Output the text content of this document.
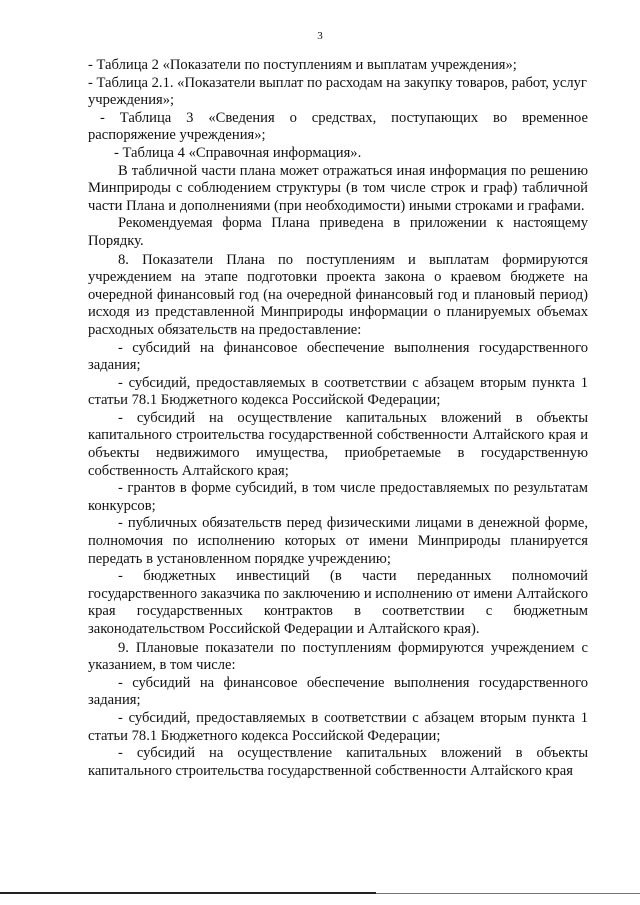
3

- Таблица 2 «Показатели по поступлениям и выплатам учреждения»;

- Таблица 2.1. «Показатели выплат по расходам на закупку товаров, работ, услуг учреждения»;

- Таблица 3 «Сведения о средствах, поступающих во временное распоряжение учреждения»;

- Таблица 4 «Справочная информация».

В табличной части плана может отражаться иная информация по решению Минприроды с соблюдением структуры (в том числе строк и граф) табличной части Плана и дополнениями (при необходимости) иными строками и графами.

Рекомендуемая форма Плана приведена в приложении к настоящему Порядку.

8. Показатели Плана по поступлениям и выплатам формируются учреждением на этапе подготовки проекта закона о краевом бюджете на очередной финансовый год (на очередной финансовый год и плановый период) исходя из представленной Минприроды информации о планируемых объемах расходных обязательств на предоставление:

- субсидий на финансовое обеспечение выполнения государственного задания;

- субсидий, предоставляемых в соответствии с абзацем вторым пункта 1 статьи 78.1 Бюджетного кодекса Российской Федерации;

- субсидий на осуществление капитальных вложений в объекты капитального строительства государственной собственности Алтайского края и объекты недвижимого имущества, приобретаемые в государственную собственность Алтайского края;

- грантов в форме субсидий, в том числе предоставляемых по результатам конкурсов;

- публичных обязательств перед физическими лицами в денежной форме, полномочия по исполнению которых от имени Минприроды планируется передать в установленном порядке учреждению;

- бюджетных инвестиций (в части переданных полномочий государственного заказчика по заключению и исполнению от имени Алтайского края государственных контрактов в соответствии с бюджетным законодательством Российской Федерации и Алтайского края).

9. Плановые показатели по поступлениям формируются учреждением с указанием, в том числе:

- субсидий на финансовое обеспечение выполнения государственного задания;

- субсидий, предоставляемых в соответствии с абзацем вторым пункта 1 статьи 78.1 Бюджетного кодекса Российской Федерации;

- субсидий на осуществление капитальных вложений в объекты капитального строительства государственной собственности Алтайского края
